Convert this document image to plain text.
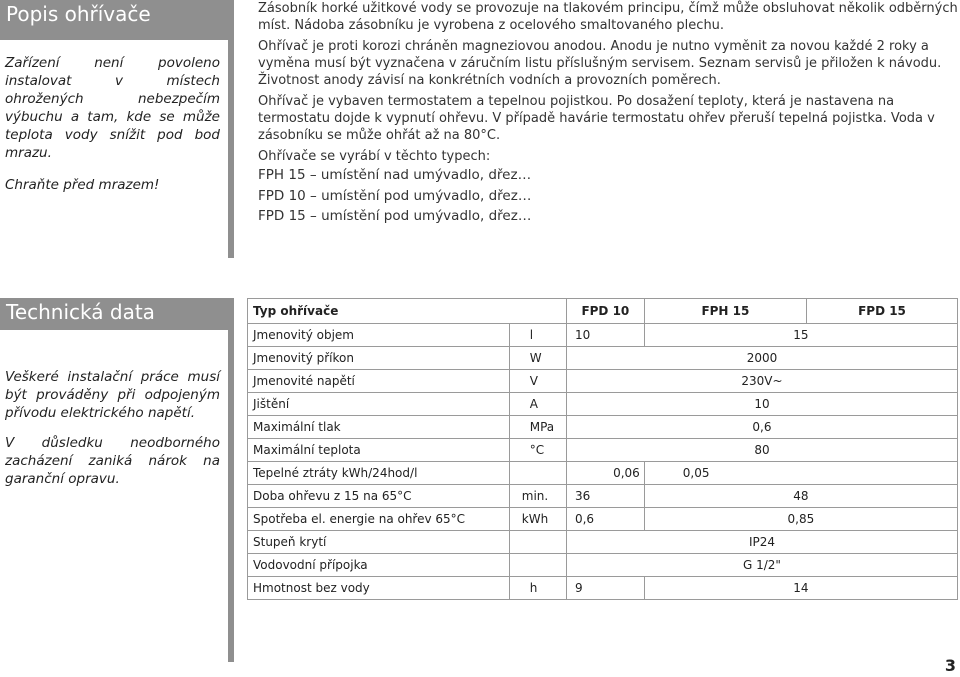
Popis ohřívače

Zařízení není povoleno instalovat v místech ohrožených nebezpečím výbuchu a tam, kde se může teplota vody snížit pod bod mrazu.

Chraňte před mrazem!

Zásobník horké užitkové vody se provozuje na tlakovém principu, čímž může obsluhovat několik odběrných míst. Nádoba zásobníku je vyrobena z ocelového smaltovaného plechu.

Ohřívač je proti korozi chráněn magneziovou anodou. Anodu je nutno vyměnit za novou každé 2 roky a vyměna musí být vyznačena v záručním listu příslušným servisem. Seznam servisů je přiložen k návodu. Životnost anody závisí na konkrétních vodních a provozních poměrech.

Ohřívač je vybaven termostatem a tepelnou pojistkou. Po dosažení teploty, která je nastavena na termostatu dojde k vypnutí ohřevu. V případě havárie termostatu ohřev přeruší tepelná pojistka. Voda v zásobníku se může ohřát až na 80°C.

Ohřívače se vyrábí v těchto typech:

FPH 15 – umístění nad umývadlo, dřez…

FPD 10 – umístění pod umývadlo, dřez…

FPD 15 – umístění pod umývadlo, dřez…

Technická data

Veškeré instalační práce musí být prováděny při odpojeným přívodu elektrického napětí.

V důsledku neodborného zacházení zaniká nárok na garanční opravu.

Typ ohřívače		FPD 10	FPH 15	FPD 15
Jmenovitý objem	l	10	15	
Jmenovitý příkon	W	2000		
Jmenovité napětí	V	230V~		
Jištění	A	10		
Maximální tlak	MPa	0,6		
Maximální teplota	°C	80		
Tepelné ztráty kWh/24hod/l		0,06	0,05	
Doba ohřevu z 15 na 65°C	min.	36	48	
Spotřeba el. energie na ohřev 65°C	kWh	0,6	0,85	
Stupeň krytí		IP24		
Vodovodní přípojka		G 1/2"		
Hmotnost bez vody	h	9	14	
3
